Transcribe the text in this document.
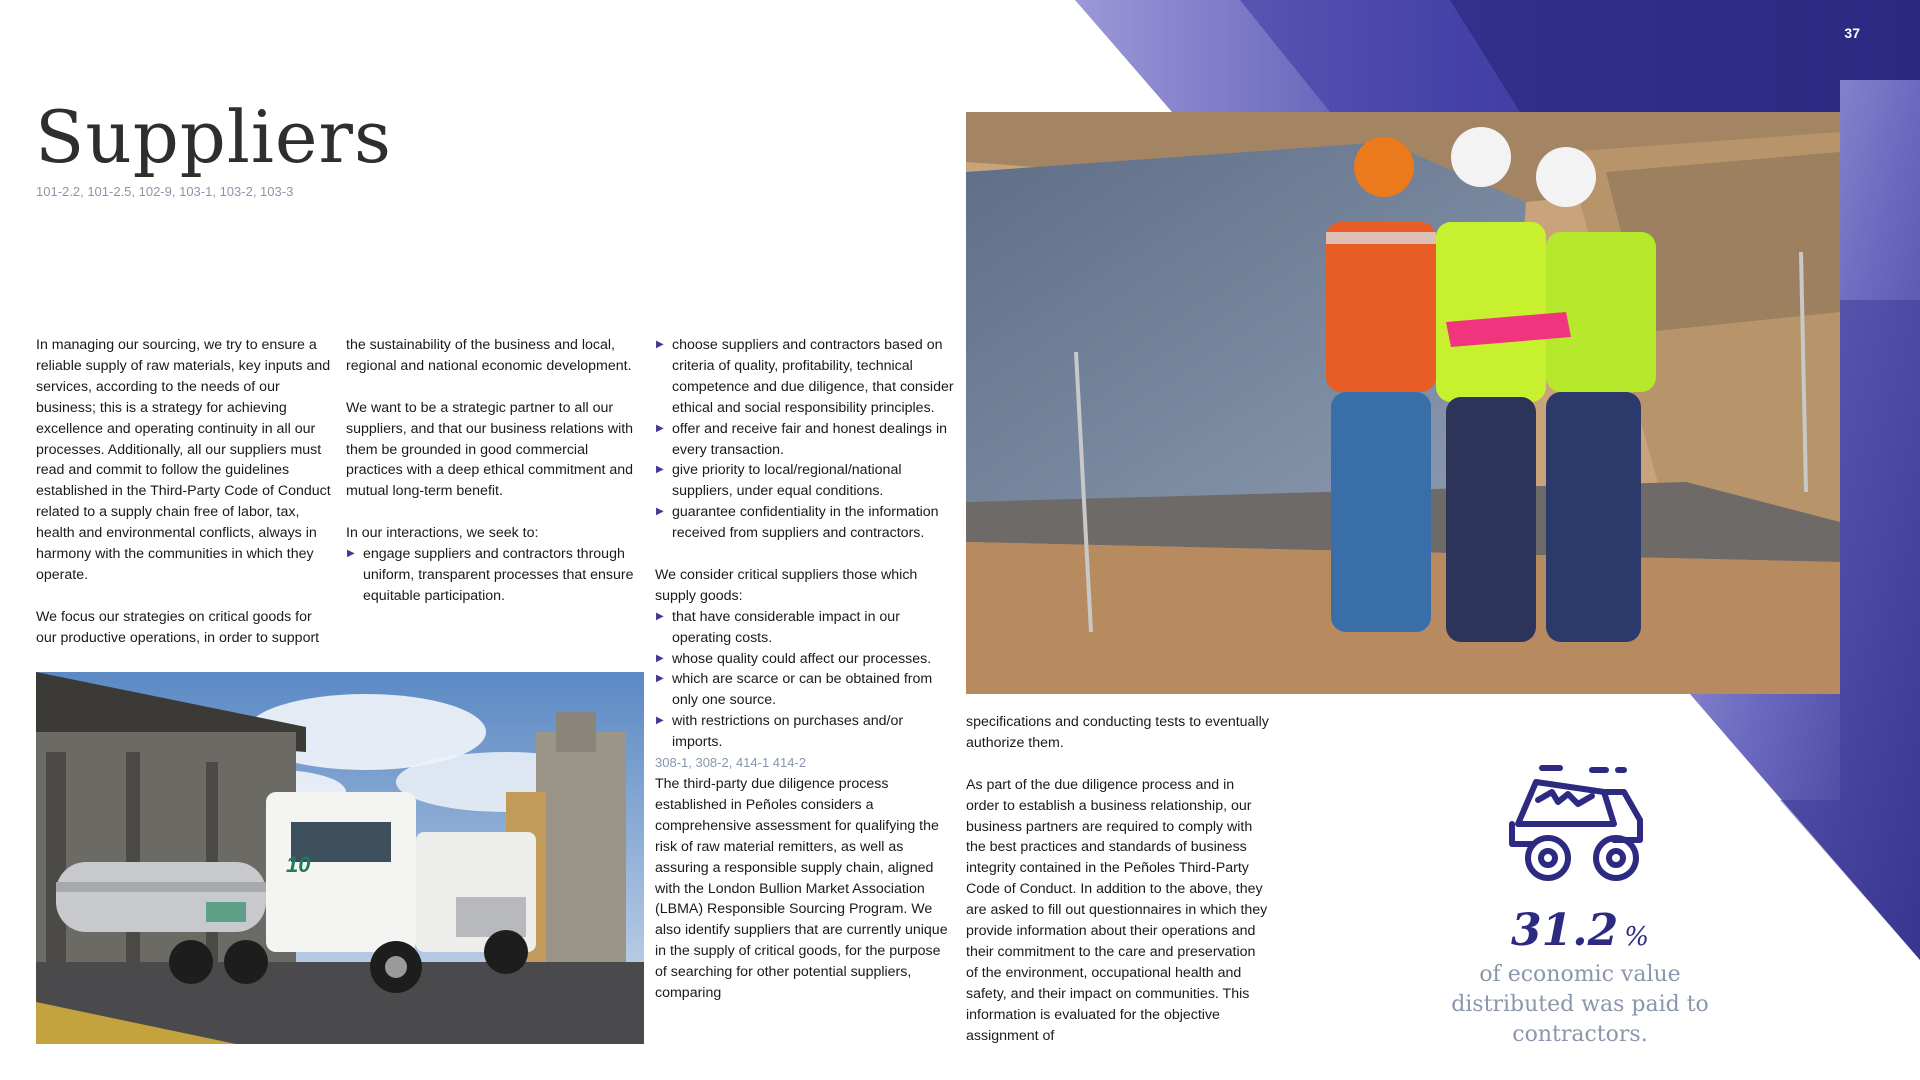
37
Suppliers
101-2.2, 101-2.5, 102-9, 103-1, 103-2, 103-3

In managing our sourcing, we try to ensure a reliable supply of raw materials, key inputs and services, according to the needs of our business; this is a strategy for achieving excellence and operating continuity in all our processes. Additionally, all our suppliers must read and commit to follow the guidelines established in the Third-Party Code of Conduct related to a supply chain free of labor, tax, health and environmental conflicts, always in harmony with the communities in which they operate.

We focus our strategies on critical goods for our productive operations, in order to support

the sustainability of the business and local, regional and national economic development.

We want to be a strategic partner to all our suppliers, and that our business relations with them be grounded in good commercial practices with a deep ethical commitment and mutual long-term benefit.

In our interactions, we seek to:

▶ engage suppliers and contractors through uniform, transparent processes that ensure equitable participation.
▶ choose suppliers and contractors based on criteria of quality, profitability, technical competence and due diligence, that consider ethical and social responsibility principles.
▶ offer and receive fair and honest dealings in every transaction.
▶ give priority to local/regional/national suppliers, under equal conditions.
▶ guarantee confidentiality in the information received from suppliers and contractors.

We consider critical suppliers those which supply goods:

▶ that have considerable impact in our operating costs.
▶ whose quality could affect our processes.
▶ which are scarce or can be obtained from only one source.
▶ with restrictions on purchases and/or imports.

308-1, 308-2, 414-1 414-2

The third-party due diligence process established in Peñoles considers a comprehensive assessment for qualifying the risk of raw material remitters, as well as assuring a responsible supply chain, aligned with the London Bullion Market Association (LBMA) Responsible Sourcing Program. We also identify suppliers that are currently unique in the supply of critical goods, for the purpose of searching for other potential suppliers, comparing

specifications and conducting tests to eventually authorize them.

As part of the due diligence process and in order to establish a business relationship, our business partners are required to comply with the best practices and standards of business integrity contained in the Peñoles Third-Party Code of Conduct. In addition to the above, they are asked to fill out questionnaires in which they provide information about their operations and their commitment to the care and preservation of the environment, occupational health and safety, and their impact on communities. This information is evaluated for the objective assignment of

10
31.2 %
of economic value distributed was paid to contractors.
